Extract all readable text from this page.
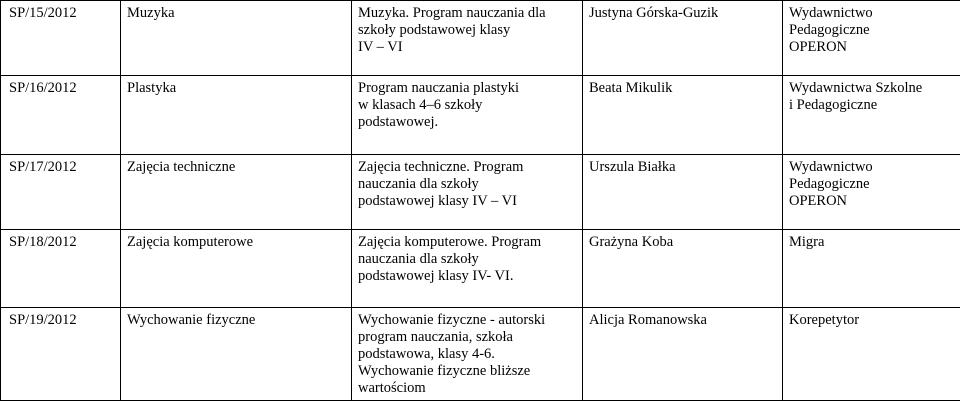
SP/15/2012	Muzyka	Muzyka. Program nauczania dla
szkoły podstawowej klasy
IV – VI	Justyna Górska-Guzik	Wydawnictwo
Pedagogiczne
OPERON

SP/16/2012	Plastyka	Program nauczania plastyki
w klasach 4–6 szkoły
podstawowej.	Beata Mikulik	Wydawnictwa Szkolne
i Pedagogiczne

SP/17/2012	Zajęcia techniczne	Zajęcia techniczne. Program
nauczania dla szkoły
podstawowej klasy IV – VI	Urszula Białka	Wydawnictwo
Pedagogiczne
OPERON

SP/18/2012	Zajęcia komputerowe	Zajęcia komputerowe. Program
nauczania dla szkoły
podstawowej klasy IV- VI.	Grażyna Koba	Migra

SP/19/2012	Wychowanie fizyczne	Wychowanie fizyczne - autorski
program nauczania, szkoła
podstawowa, klasy 4-6.
Wychowanie fizyczne bliższe
wartościom	Alicja Romanowska	Korepetytor
